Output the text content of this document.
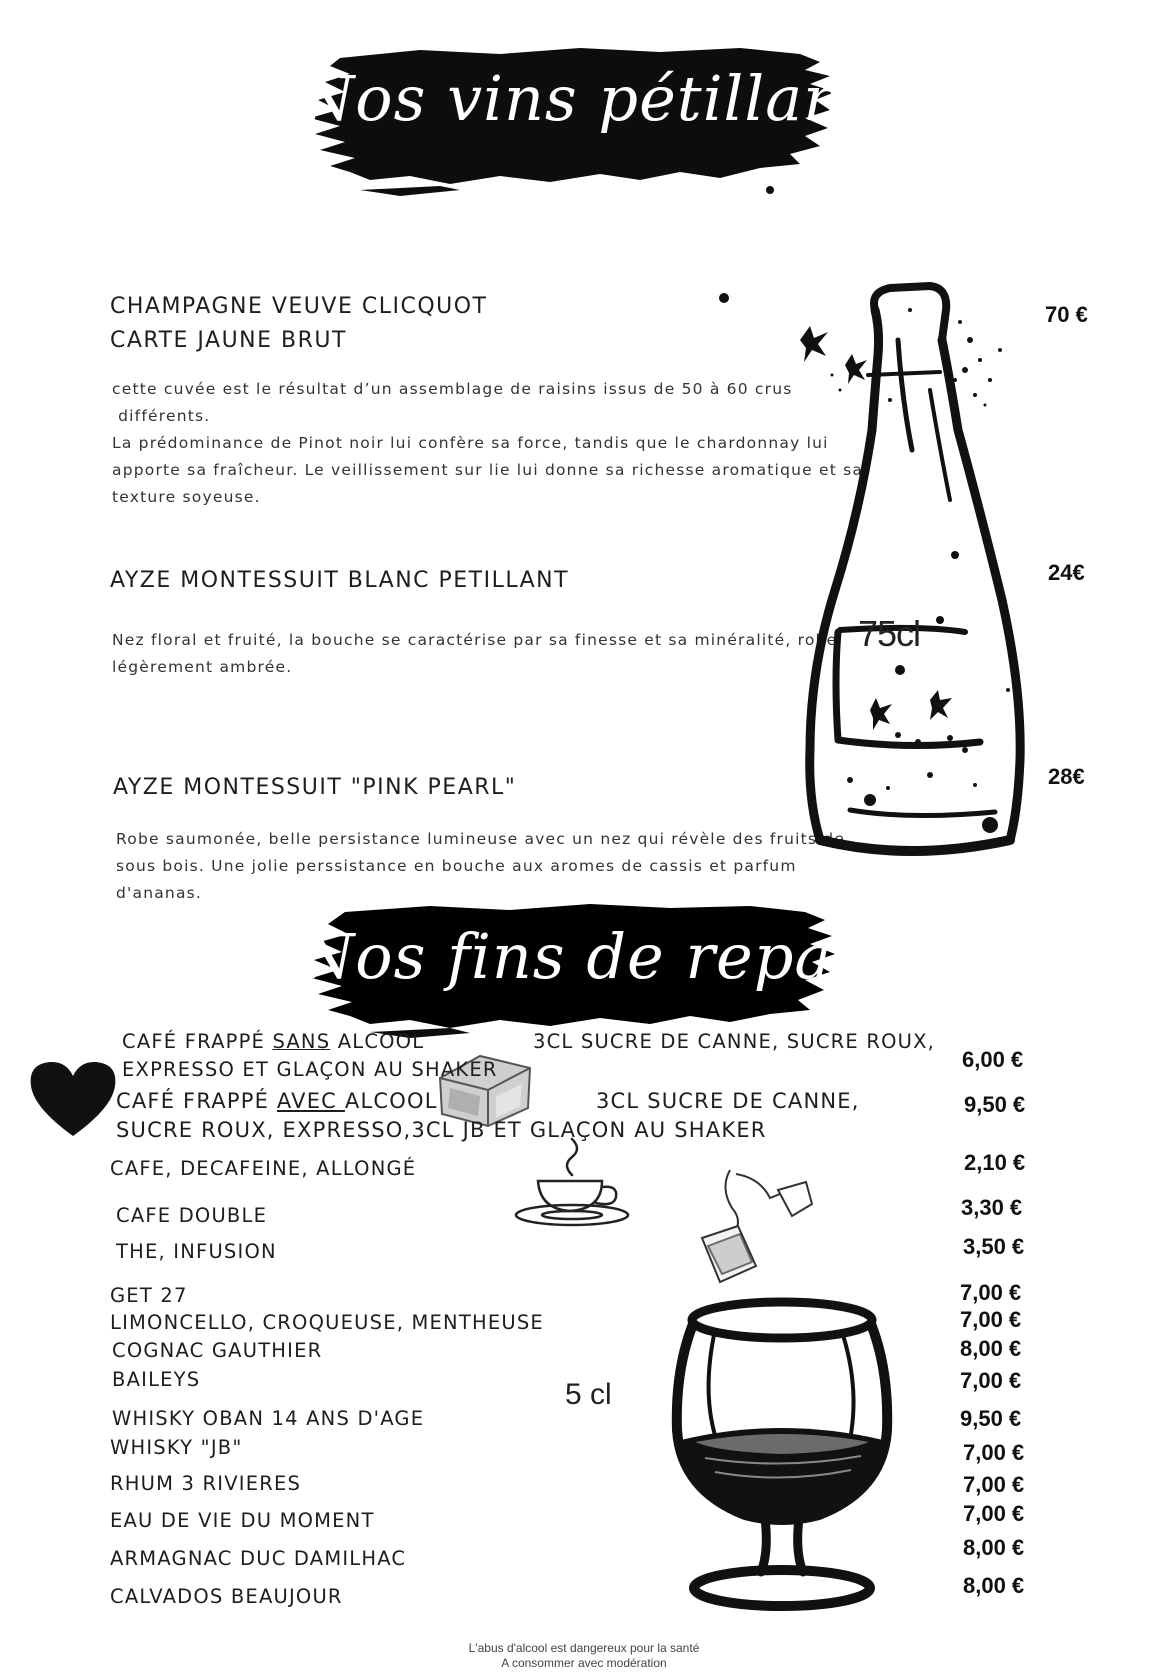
Nos vins pétillants
CHAMPAGNE VEUVE CLICQUOT
CARTE JAUNE BRUT
cette cuvée est le résultat d’un assemblage de raisins issus de 50 à 60 crus
différents.
La prédominance de Pinot noir lui confère sa force, tandis que le chardonnay lui
apporte sa fraîcheur. Le veillissement sur lie lui donne sa richesse aromatique et sa
texture soyeuse.
70 €
AYZE MONTESSUIT BLANC PETILLANT
Nez floral et fruité, la bouche se caractérise par sa finesse et sa minéralité, robe
légèrement ambrée.
24€
AYZE MONTESSUIT "PINK PEARL"
Robe saumonée, belle persistance lumineuse avec un nez qui révèle des fruits de
sous bois. Une jolie perssistance en bouche aux aromes de cassis et parfum
d'ananas.
28€
75cl
Nos fins de repas
CAFÉ FRAPPÉ SANS ALCOOL	3CL SUCRE DE CANNE, SUCRE ROUX,
EXPRESSO ET GLAÇON AU SHAKER	6,00 €
CAFÉ FRAPPÉ AVEC ALCOOL	3CL SUCRE DE CANNE,
SUCRE ROUX, EXPRESSO,3CL JB ET GLAÇON AU SHAKER
9,50 €
CAFE, DECAFEINE, ALLONGÉ	2,10 €
CAFE DOUBLE	3,30 €
THE, INFUSION	3,50 €
GET 27	7,00 €
LIMONCELLO, CROQUEUSE, MENTHEUSE	7,00 €
COGNAC GAUTHIER	8,00 €
BAILEYS	7,00 €
WHISKY OBAN 14 ANS D'AGE	9,50 €
WHISKY "JB"	7,00 €
RHUM 3 RIVIERES	7,00 €
EAU DE VIE DU MOMENT	7,00 €
ARMAGNAC DUC DAMILHAC	8,00 €
CALVADOS BEAUJOUR	8,00 €
5 cl
L'abus d'alcool est dangereux pour la santé
A consommer avec modération
